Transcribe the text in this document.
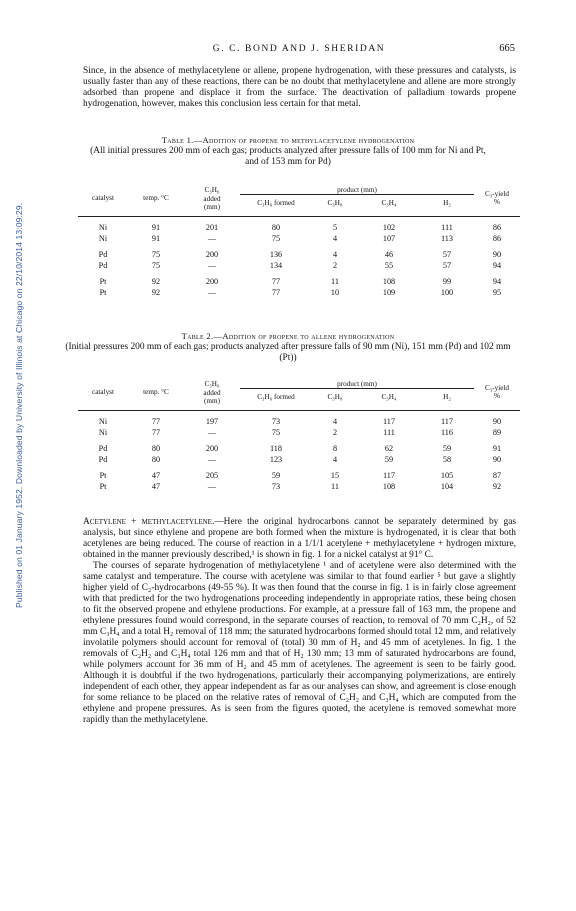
Published on 01 January 1952. Downloaded by University of Illinois at Chicago on 22/10/2014 13:09:29.
G. C. BOND AND J. SHERIDAN	665

Since, in the absence of methylacetylene or allene, propene hydrogenation, with these pressures and catalysts, is usually faster than any of these reactions, there can be no doubt that methylacetylene and allene are more strongly adsorbed than propene and displace it from the surface. The deactivation of palladium towards propene hydrogenation, however, makes this conclusion less certain for that metal.

Table 1.—Addition of propene to methylacetylene hydrogenation
(All initial pressures 200 mm of each gas; products analyzed after pressure falls of 100 mm for Ni and Pt, and of 153 mm for Pd)
catalyst	temp. °C	C₃H₆	product (mm)				C₃-yield
%

		added	C₃H₆ formed	C₃H₈	C₃H₄	H₂	
		(mm)					

Ni	91	201	80	5	102	111	86
Ni	91	—	75	4	107	113	86

Pd	75	200	136	4	46	57	90
Pd	75	—	134	2	55	57	94

Pt	92	200	77	11	108	99	94
Pt	92	—	77	10	109	100	95
Table 2.—Addition of propene to allene hydrogenation
(Initial pressures 200 mm of each gas; products analyzed after pressure falls of 90 mm (Ni), 151 mm (Pd) and 102 mm (Pt))
catalyst	temp. °C	C₃H₆	product (mm)				C₃-yield
%

		added	C₃H₆ formed	C₃H₈	C₃H₄	H₂	
		(mm)					

Ni	77	197	73	4	117	117	90
Ni	77	—	75	2	111	116	89

Pd	80	200	118	8	62	59	91
Pd	80	—	123	4	59	58	90

Pt	47	205	59	15	117	105	87
Pt	47	—	73	11	108	104	92

Acetylene + methylacetylene.—Here the original hydrocarbons cannot be separately determined by gas analysis, but since ethylene and propene are both formed when the mixture is hydrogenated, it is clear that both acetylenes are being reduced. The course of reaction in a 1/1/1 acetylene + methylacetylene + hydrogen mixture, obtained in the manner previously described,¹ is shown in fig. 1 for a nickel catalyst at 91° C.

The courses of separate hydrogenation of methylacetylene ¹ and of acetylene were also determined with the same catalyst and temperature. The course with acetylene was similar to that found earlier ⁵ but gave a slightly higher yield of C₂-hydrocarbons (49-55 %). It was then found that the course in fig. 1 is in fairly close agreement with that predicted for the two hydrogenations proceeding independently in appropriate ratios, these being chosen to fit the observed propene and ethylene productions. For example, at a pressure fall of 163 mm, the propene and ethylene pressures found would correspond, in the separate courses of reaction, to removal of 70 mm C₂H₂, of 52 mm C₃H₄ and a total H₂ removal of 118 mm; the saturated hydrocarbons formed should total 12 mm, and relatively involatile polymers should account for removal of (total) 30 mm of H₂ and 45 mm of acetylenes. In fig. 1 the removals of C₂H₂ and C₃H₄ total 126 mm and that of H₂ 130 mm; 13 mm of saturated hydrocarbons are found, while polymers account for 36 mm of H₂ and 45 mm of acetylenes. The agreement is seen to be fairly good. Although it is doubtful if the two hydrogenations, particularly their accompanying polymerizations, are entirely independent of each other, they appear independent as far as our analyses can show, and agreement is close enough for some reliance to be placed on the relative rates of removal of C₂H₂ and C₃H₄ which are computed from the ethylene and propene pressures. As is seen from the figures quoted, the acetylene is removed somewhat more rapidly than the methylacetylene.
